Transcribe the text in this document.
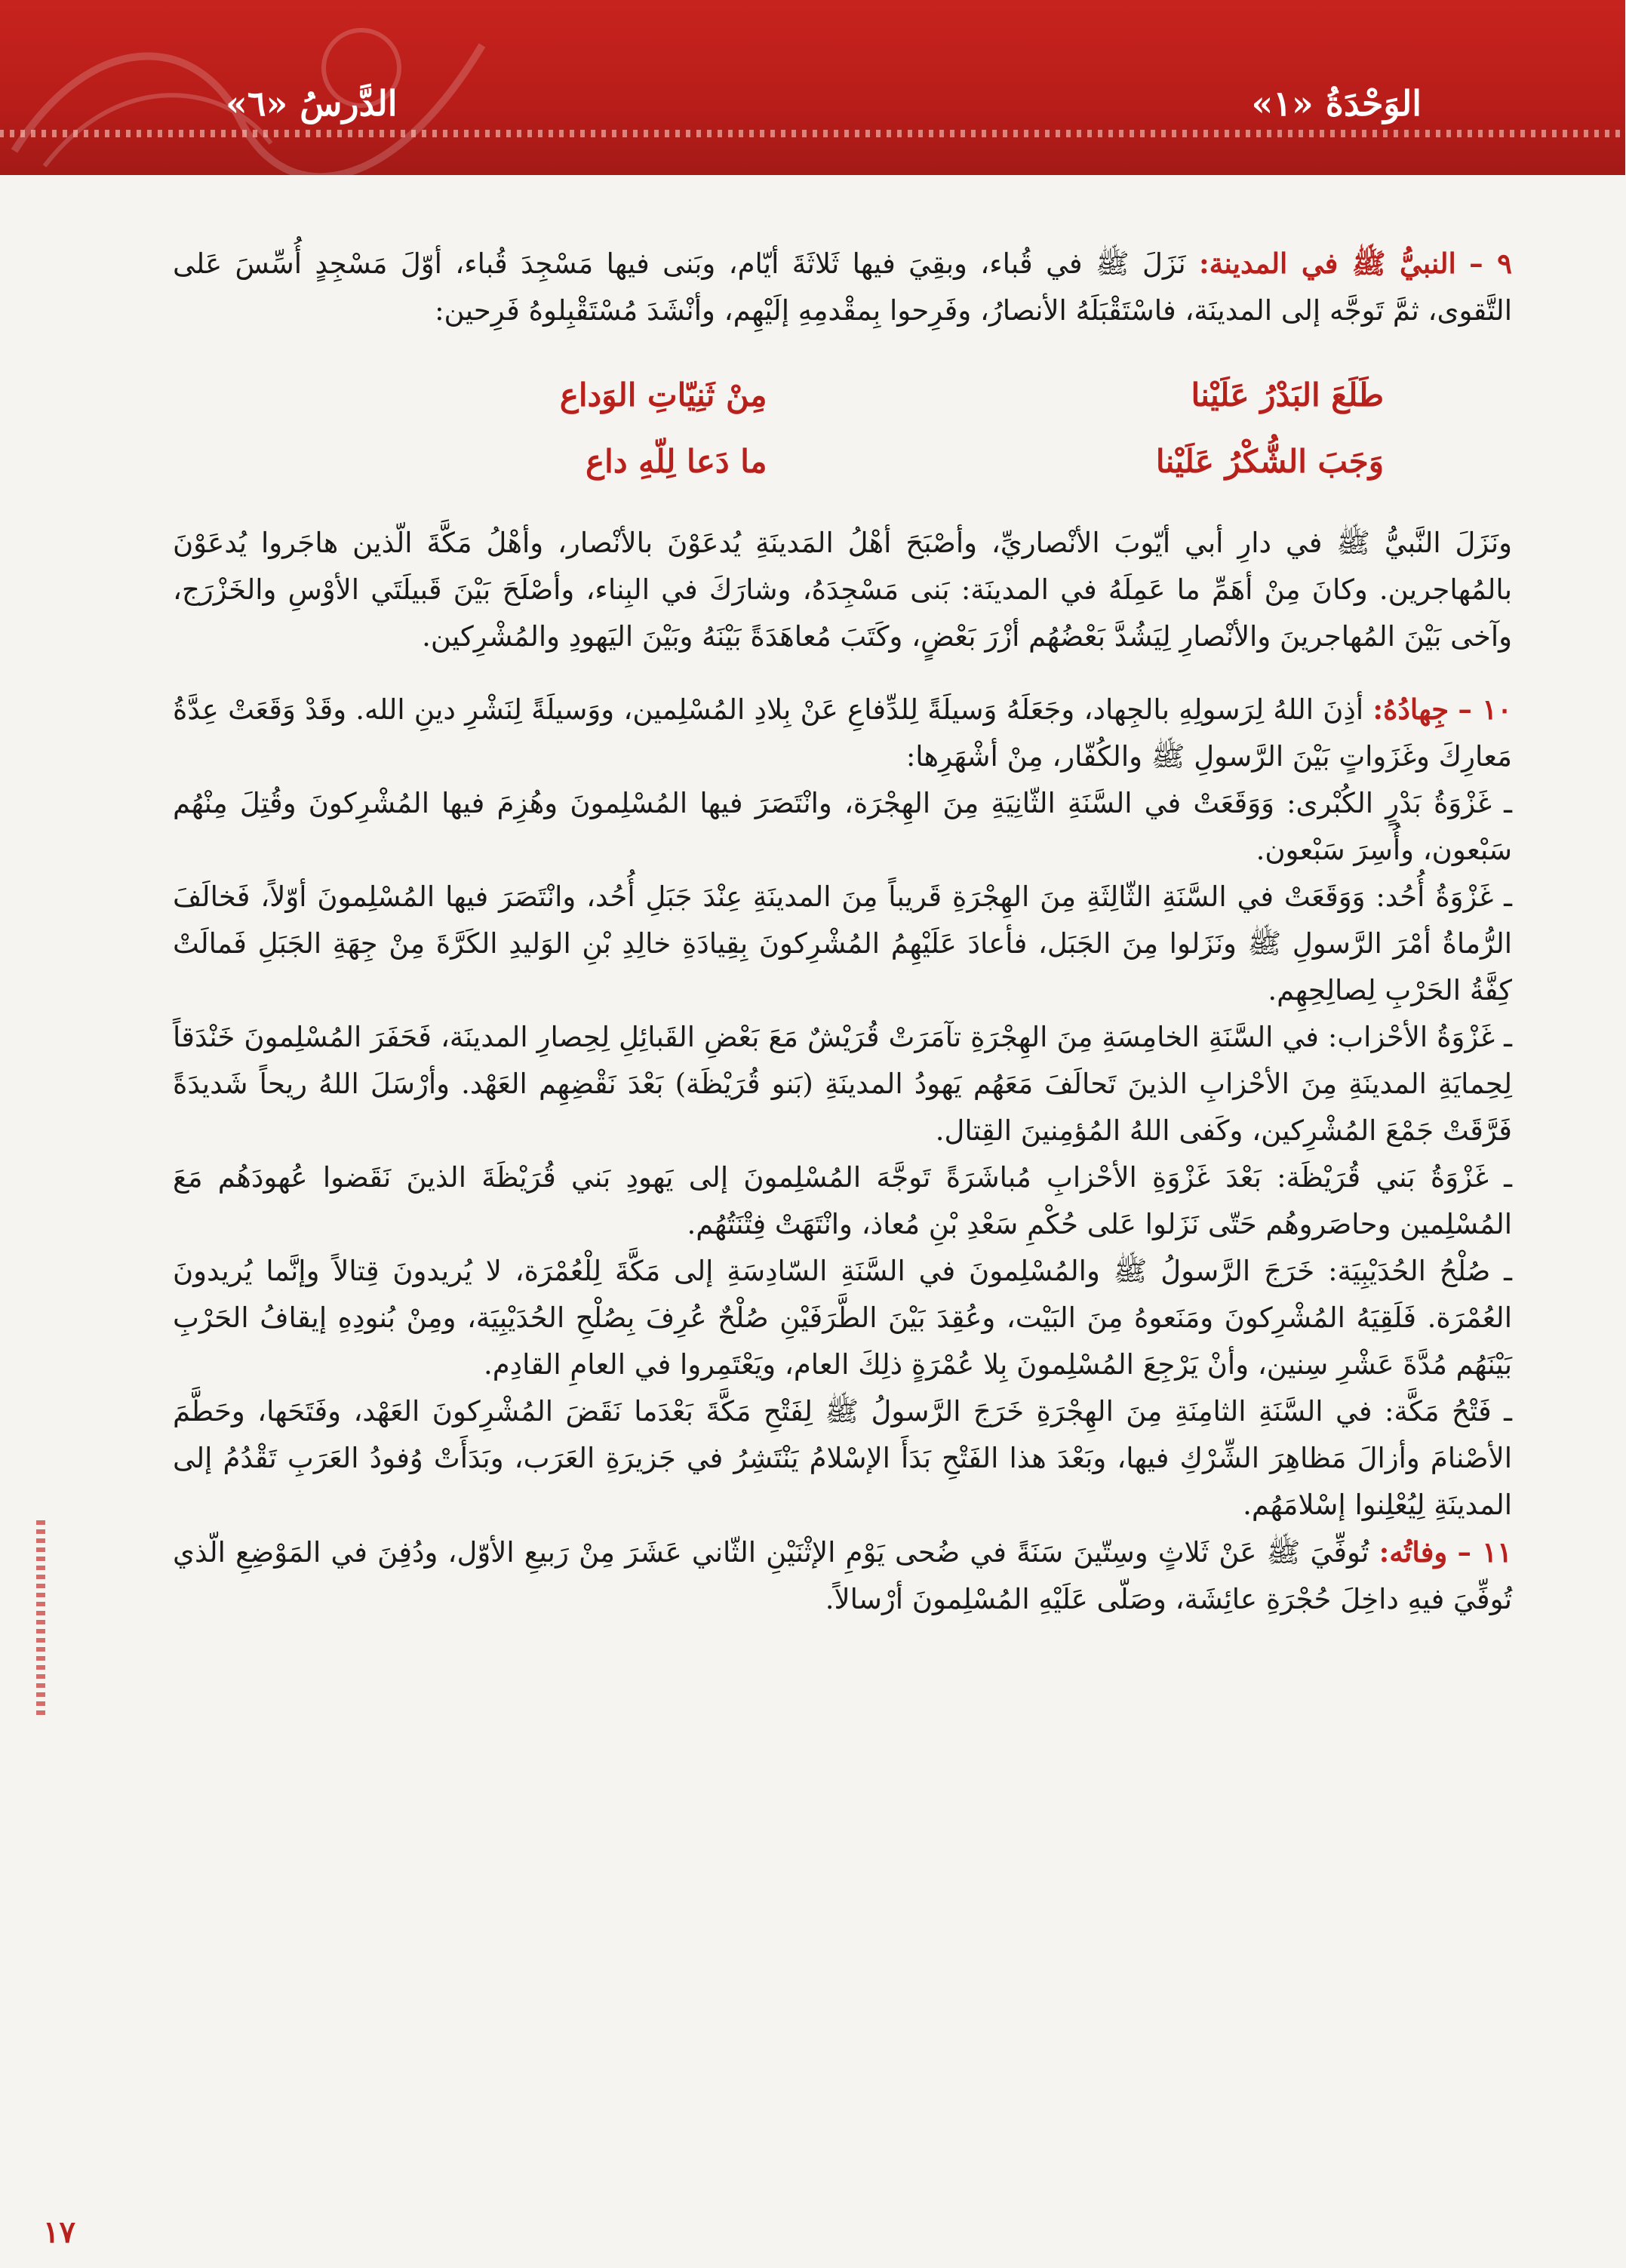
الوَحْدَةُ «١»
الدَّرسُ «٦»

٩ – النبيُّ ﷺ في المدينة: نَزَلَ ﷺ في قُباء، وبقِيَ فيها ثَلاثَةَ أيّام، وبَنى فيها مَسْجِدَ قُباء، أوّلَ مَسْجِدٍ أُسِّسَ عَلى التَّقوى، ثمَّ تَوجَّه إلى المدينَة، فاسْتَقْبَلَهُ الأنصارُ، وفَرِحوا بِمقْدمِهِ إلَيْهِم، وأنْشَدَ مُسْتَقْبِلوهُ فَرِحين:

طَلَعَ البَدْرُ عَلَيْنا
مِنْ ثَنِيّاتِ الوَداع
وَجَبَ الشُّكْرُ عَلَيْنا
ما دَعا لِلّهِ داع

ونَزَلَ النَّبيُّ ﷺ في دارِ أبي أيّوبَ الأنْصاريِّ، وأصْبَحَ أهْلُ المَدينَةِ يُدعَوْنَ بالأنْصار، وأهْلُ مَكَّةَ الّذين هاجَروا يُدعَوْنَ بالمُهاجرين. وكانَ مِنْ أهَمِّ ما عَمِلَهُ في المدينَة: بَنى مَسْجِدَهُ، وشارَكَ في البِناء، وأصْلَحَ بَيْنَ قَبيلَتَي الأوْسِ والخَزْرَج، وآخى بَيْنَ المُهاجرينَ والأنْصارِ لِيَشُدَّ بَعْضُهُم أزْرَ بَعْضٍ، وكَتَبَ مُعاهَدَةً بَيْنَهُ وبَيْنَ اليَهودِ والمُشْرِكين.

١٠ – جِهادُهُ: أذِنَ اللهُ لِرَسولِهِ بالجِهاد، وجَعَلَهُ وَسيلَةً لِلدِّفاعِ عَنْ بِلادِ المُسْلِمين، ووَسيلَةً لِنَشْرِ دينِ الله. وقَدْ وَقَعَتْ عِدَّةُ مَعارِكَ وغَزَواتٍ بَيْنَ الرَّسولِ ﷺ والكُفّار، مِنْ أشْهَرِها:

ـ غَزْوَةُ بَدْرٍ الكُبْرى: وَوَقَعَتْ في السَّنَةِ الثّانِيَةِ مِنَ الهِجْرَة، وانْتَصَرَ فيها المُسْلِمونَ وهُزِمَ فيها المُشْرِكونَ وقُتِلَ مِنْهُم سَبْعون، وأُسِرَ سَبْعون.

ـ غَزْوَةُ أُحُد: وَوَقَعَتْ في السَّنَةِ الثّالِثَةِ مِنَ الهِجْرَةِ قَريباً مِنَ المدينَةِ عِنْدَ جَبَلِ أُحُد، وانْتَصَرَ فيها المُسْلِمونَ أوّلاً، فَخالَفَ الرُّماةُ أمْرَ الرَّسولِ ﷺ ونَزَلوا مِنَ الجَبَل، فأعادَ عَلَيْهِمُ المُشْرِكونَ بِقِيادَةِ خالِدِ بْنِ الوَليدِ الكَرَّةَ مِنْ جِهَةِ الجَبَلِ فَمالَتْ كِفَّةُ الحَرْبِ لِصالِحِهِم.

ـ غَزْوَةُ الأحْزاب: في السَّنَةِ الخامِسَةِ مِنَ الهِجْرَةِ تآمَرَتْ قُرَيْشٌ مَعَ بَعْضِ القَبائِلِ لِحِصارِ المدينَة، فَحَفَرَ المُسْلِمونَ خَنْدَقاً لِحِمايَةِ المدينَةِ مِنَ الأحْزابِ الذينَ تَحالَفَ مَعَهُم يَهودُ المدينَةِ (بَنو قُرَيْظَة) بَعْدَ نَقْضِهِم العَهْد. وأرْسَلَ اللهُ ريحاً شَديدَةً فَرَّقَتْ جَمْعَ المُشْرِكين، وكَفى اللهُ المُؤمِنينَ القِتال.

ـ غَزْوَةُ بَني قُرَيْظَة: بَعْدَ غَزْوَةِ الأحْزابِ مُباشَرَةً تَوجَّهَ المُسْلِمونَ إلى يَهودِ بَني قُرَيْظَةَ الذينَ نَقَضوا عُهودَهُم مَعَ المُسْلِمين وحاصَروهُم حَتّى نَزَلوا عَلى حُكْمِ سَعْدِ بْنِ مُعاذ، وانْتَهَتْ فِتْنَتُهُم.

ـ صُلْحُ الحُدَيْبِيَة: خَرَجَ الرَّسولُ ﷺ والمُسْلِمونَ في السَّنَةِ السّادِسَةِ إلى مَكَّةَ لِلْعُمْرَة، لا يُريدونَ قِتالاً وإنَّما يُريدونَ العُمْرَة. فَلَقِيَهُ المُشْرِكونَ ومَنَعوهُ مِنَ البَيْت، وعُقِدَ بَيْنَ الطَّرَفَيْنِ صُلْحٌ عُرِفَ بِصُلْحِ الحُدَيْبِيَة، ومِنْ بُنودِهِ إيقافُ الحَرْبِ بَيْنَهُم مُدَّةَ عَشْرِ سِنين، وأنْ يَرْجِعَ المُسْلِمونَ بِلا عُمْرَةٍ ذلِكَ العام، ويَعْتَمِروا في العامِ القادِم.

ـ فَتْحُ مَكَّة: في السَّنَةِ الثامِنَةِ مِنَ الهِجْرَةِ خَرَجَ الرَّسولُ ﷺ لِفَتْحِ مَكَّةَ بَعْدَما نَقَضَ المُشْرِكونَ العَهْد، وفَتَحَها، وحَطَّمَ الأصْنامَ وأزالَ مَظاهِرَ الشِّرْكِ فيها، وبَعْدَ هذا الفَتْحِ بَدَأَ الإسْلامُ يَنْتَشِرُ في جَزيرَةِ العَرَب، وبَدَأَتْ وُفودُ العَرَبِ تَقْدُمُ إلى المدينَةِ لِيُعْلِنوا إسْلامَهُم.

١١ – وفاتُه: تُوفِّيَ ﷺ عَنْ ثَلاثٍ وسِتّينَ سَنَةً في ضُحى يَوْمِ الإثْنَيْنِ الثّاني عَشَرَ مِنْ رَبيعِ الأوّل، ودُفِنَ في المَوْضِعِ الّذي تُوفِّيَ فيهِ داخِلَ حُجْرَةِ عائِشَة، وصَلّى عَلَيْهِ المُسْلِمونَ أرْسالاً.

١٧
